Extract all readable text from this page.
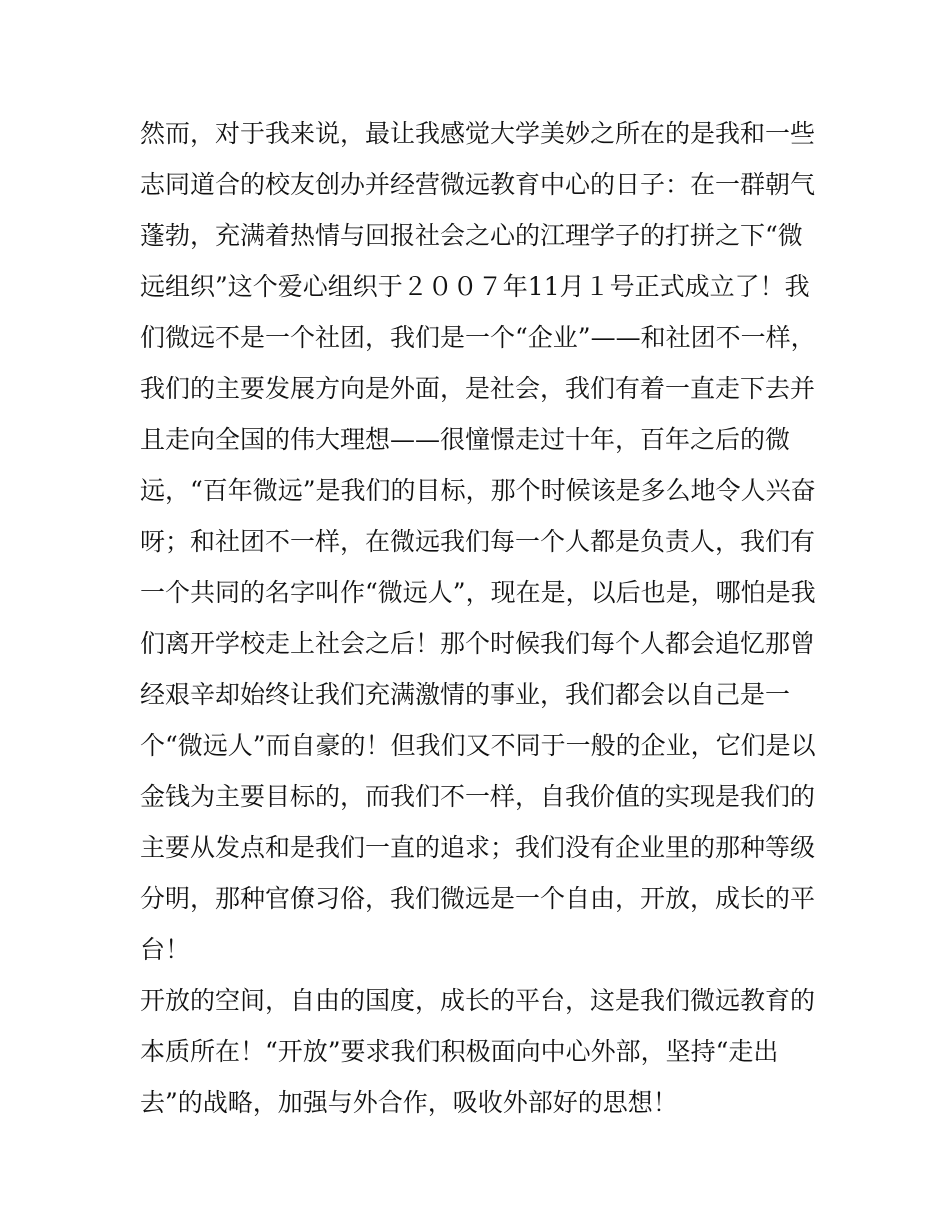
然而，对于我来说，最让我感觉大学美妙之所在的是我和一些
志同道合的校友创办并经营微远教育中心的日子：在一群朝气
蓬勃，充满着热情与回报社会之心的江理学子的打拼之下“微
远组织”这个爱心组织于２００７年11月１号正式成立了！我
们微远不是一个社团，我们是一个“企业”——和社团不一样，
我们的主要发展方向是外面，是社会，我们有着一直走下去并
且走向全国的伟大理想——很憧憬走过十年，百年之后的微
远，“百年微远”是我们的目标，那个时候该是多么地令人兴奋
呀；和社团不一样，在微远我们每一个人都是负责人，我们有
一个共同的名字叫作“微远人”，现在是，以后也是，哪怕是我
们离开学校走上社会之后！那个时候我们每个人都会追忆那曾
经艰辛却始终让我们充满激情的事业，我们都会以自己是一
个“微远人”而自豪的！但我们又不同于一般的企业，它们是以
金钱为主要目标的，而我们不一样，自我价值的实现是我们的
主要从发点和是我们一直的追求；我们没有企业里的那种等级
分明，那种官僚习俗，我们微远是一个自由，开放，成长的平
台！
开放的空间，自由的国度，成长的平台，这是我们微远教育的
本质所在！“开放”要求我们积极面向中心外部，坚持“走出
去”的战略，加强与外合作，吸收外部好的思想！
